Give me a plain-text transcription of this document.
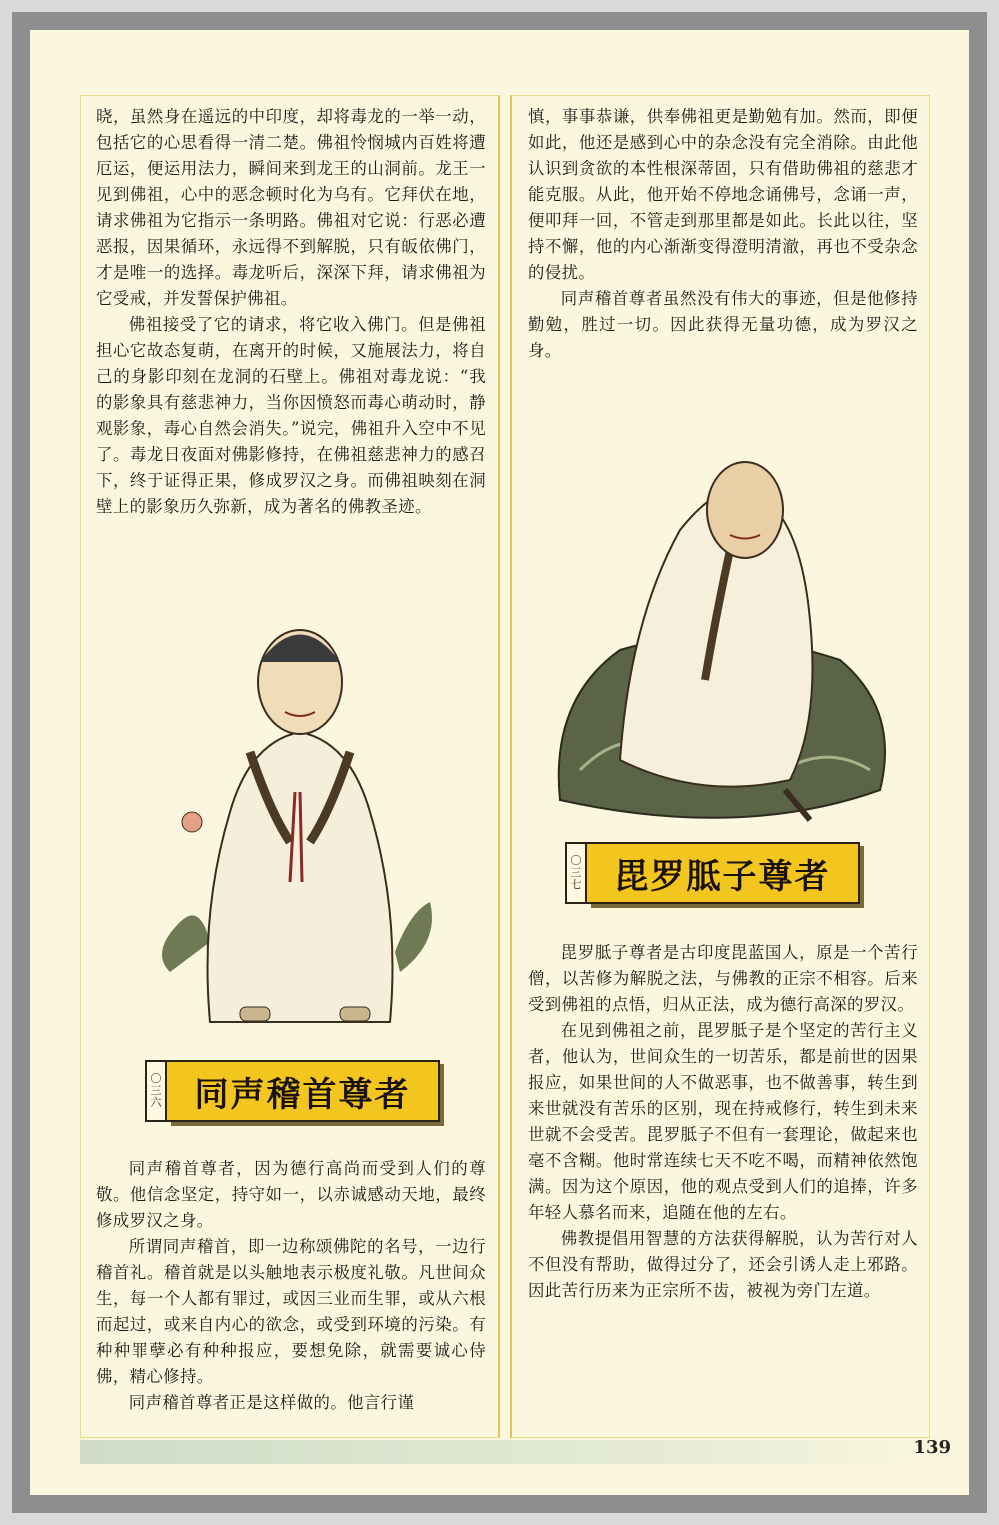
晓，虽然身在遥远的中印度，却将毒龙的一举一动，包括它的心思看得一清二楚。佛祖怜悯城内百姓将遭厄运，便运用法力，瞬间来到龙王的山洞前。龙王一见到佛祖，心中的恶念顿时化为乌有。它拜伏在地，请求佛祖为它指示一条明路。佛祖对它说：行恶必遭恶报，因果循环，永远得不到解脱，只有皈依佛门，才是唯一的选择。毒龙听后，深深下拜，请求佛祖为它受戒，并发誓保护佛祖。

佛祖接受了它的请求，将它收入佛门。但是佛祖担心它故态复萌，在离开的时候，又施展法力，将自己的身影印刻在龙洞的石壁上。佛祖对毒龙说：“我的影象具有慈悲神力，当你因愤怒而毒心萌动时，静观影象，毒心自然会消失。”说完，佛祖升入空中不见了。毒龙日夜面对佛影修持，在佛祖慈悲神力的感召下，终于证得正果，修成罗汉之身。而佛祖映刻在洞壁上的影象历久弥新，成为著名的佛教圣迹。

〇
三
六 同声稽首尊者

同声稽首尊者，因为德行高尚而受到人们的尊敬。他信念坚定，持守如一，以赤诚感动天地，最终修成罗汉之身。

所谓同声稽首，即一边称颂佛陀的名号，一边行稽首礼。稽首就是以头触地表示极度礼敬。凡世间众生，每一个人都有罪过，或因三业而生罪，或从六根而起过，或来自内心的欲念，或受到环境的污染。有种种罪孽必有种种报应，要想免除，就需要诚心侍佛，精心修持。

同声稽首尊者正是这样做的。他言行谨

慎，事事恭谦，供奉佛祖更是勤勉有加。然而，即便如此，他还是感到心中的杂念没有完全消除。由此他认识到贪欲的本性根深蒂固，只有借助佛祖的慈悲才能克服。从此，他开始不停地念诵佛号，念诵一声，便叩拜一回，不管走到那里都是如此。长此以往，坚持不懈，他的内心渐渐变得澄明清澈，再也不受杂念的侵扰。

同声稽首尊者虽然没有伟大的事迹，但是他修持勤勉，胜过一切。因此获得无量功德，成为罗汉之身。

〇
三
七 毘罗胝子尊者

毘罗胝子尊者是古印度毘蓝国人，原是一个苦行僧，以苦修为解脱之法，与佛教的正宗不相容。后来受到佛祖的点悟，归从正法，成为德行高深的罗汉。

在见到佛祖之前，毘罗胝子是个坚定的苦行主义者，他认为，世间众生的一切苦乐，都是前世的因果报应，如果世间的人不做恶事，也不做善事，转生到来世就没有苦乐的区别，现在持戒修行，转生到未来世就不会受苦。毘罗胝子不但有一套理论，做起来也毫不含糊。他时常连续七天不吃不喝，而精神依然饱满。因为这个原因，他的观点受到人们的追捧，许多年轻人慕名而来，追随在他的左右。

佛教提倡用智慧的方法获得解脱，认为苦行对人不但没有帮助，做得过分了，还会引诱人走上邪路。因此苦行历来为正宗所不齿，被视为旁门左道。

139
